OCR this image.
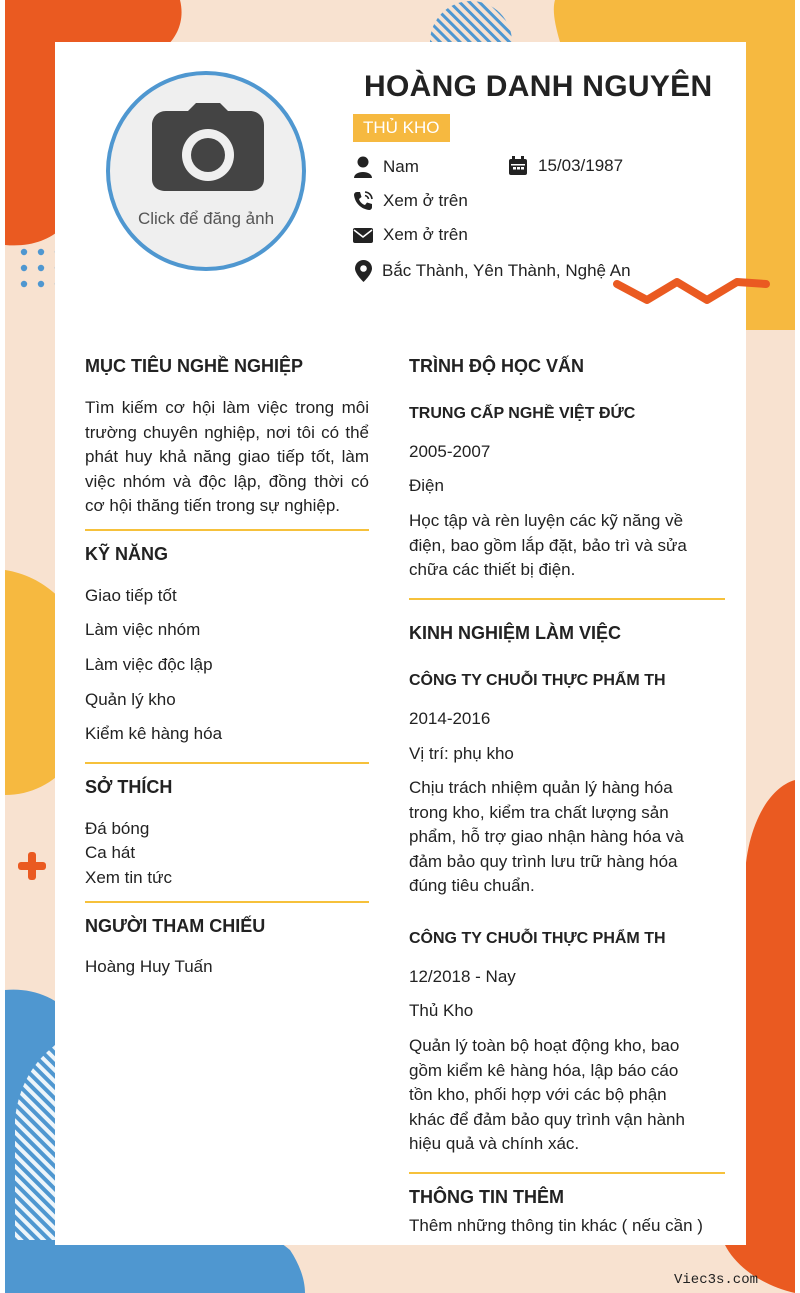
Click để đăng ảnh
HOÀNG DANH NGUYÊN
THỦ KHO
Nam	15/03/1987
Xem ở trên
Xem ở trên
Bắc Thành, Yên Thành, Nghệ An
MỤC TIÊU NGHỀ NGHIỆP
Tìm kiếm cơ hội làm việc trong môi trường chuyên nghiệp, nơi tôi có thể phát huy khả năng giao tiếp tốt, làm việc nhóm và độc lập, đồng thời có cơ hội thăng tiến trong sự nghiệp.
KỸ NĂNG
Giao tiếp tốt
Làm việc nhóm
Làm việc độc lập
Quản lý kho
Kiểm kê hàng hóa
SỞ THÍCH
Đá bóng
Ca hát
Xem tin tức
NGƯỜI THAM CHIẾU
Hoàng Huy Tuấn
TRÌNH ĐỘ HỌC VẤN
TRUNG CẤP NGHỀ VIỆT ĐỨC
2005-2007
Điện
Học tập và rèn luyện các kỹ năng về điện, bao gồm lắp đặt, bảo trì và sửa chữa các thiết bị điện.
KINH NGHIỆM LÀM VIỆC
CÔNG TY CHUỖI THỰC PHẨM TH
2014-2016
Vị trí: phụ kho
Chịu trách nhiệm quản lý hàng hóa trong kho, kiểm tra chất lượng sản phẩm, hỗ trợ giao nhận hàng hóa và đảm bảo quy trình lưu trữ hàng hóa đúng tiêu chuẩn.
CÔNG TY CHUỖI THỰC PHẨM TH
12/2018 - Nay
Thủ Kho
Quản lý toàn bộ hoạt động kho, bao gồm kiểm kê hàng hóa, lập báo cáo tồn kho, phối hợp với các bộ phận khác để đảm bảo quy trình vận hành hiệu quả và chính xác.
THÔNG TIN THÊM
Thêm những thông tin khác ( nếu cần )
Viec3s.com
